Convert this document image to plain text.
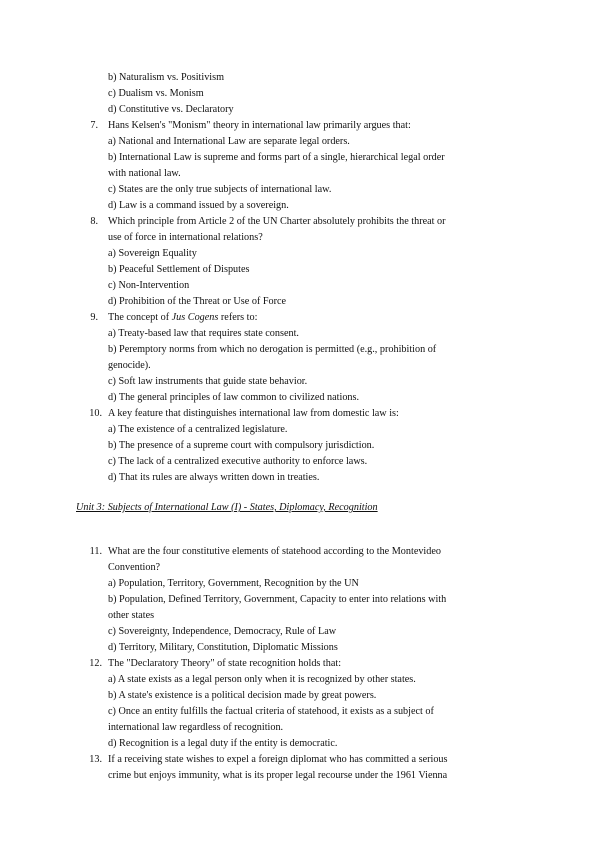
b) Naturalism vs. Positivism
c) Dualism vs. Monism
d) Constitutive vs. Declaratory
7. Hans Kelsen's "Monism" theory in international law primarily argues that:
a) National and International Law are separate legal orders.
b) International Law is supreme and forms part of a single, hierarchical legal order
with national law.
c) States are the only true subjects of international law.
d) Law is a command issued by a sovereign.
8. Which principle from Article 2 of the UN Charter absolutely prohibits the threat or
use of force in international relations?
a) Sovereign Equality
b) Peaceful Settlement of Disputes
c) Non-Intervention
d) Prohibition of the Threat or Use of Force
9. The concept of Jus Cogens refers to:
a) Treaty-based law that requires state consent.
b) Peremptory norms from which no derogation is permitted (e.g., prohibition of
genocide).
c) Soft law instruments that guide state behavior.
d) The general principles of law common to civilized nations.
10. A key feature that distinguishes international law from domestic law is:
a) The existence of a centralized legislature.
b) The presence of a supreme court with compulsory jurisdiction.
c) The lack of a centralized executive authority to enforce laws.
d) That its rules are always written down in treaties.
Unit 3: Subjects of International Law (I) - States, Diplomacy, Recognition
11. What are the four constitutive elements of statehood according to the Montevideo
Convention?
a) Population, Territory, Government, Recognition by the UN
b) Population, Defined Territory, Government, Capacity to enter into relations with
other states
c) Sovereignty, Independence, Democracy, Rule of Law
d) Territory, Military, Constitution, Diplomatic Missions
12. The "Declaratory Theory" of state recognition holds that:
a) A state exists as a legal person only when it is recognized by other states.
b) A state's existence is a political decision made by great powers.
c) Once an entity fulfills the factual criteria of statehood, it exists as a subject of
international law regardless of recognition.
d) Recognition is a legal duty if the entity is democratic.
13. If a receiving state wishes to expel a foreign diplomat who has committed a serious
crime but enjoys immunity, what is its proper legal recourse under the 1961 Vienna
